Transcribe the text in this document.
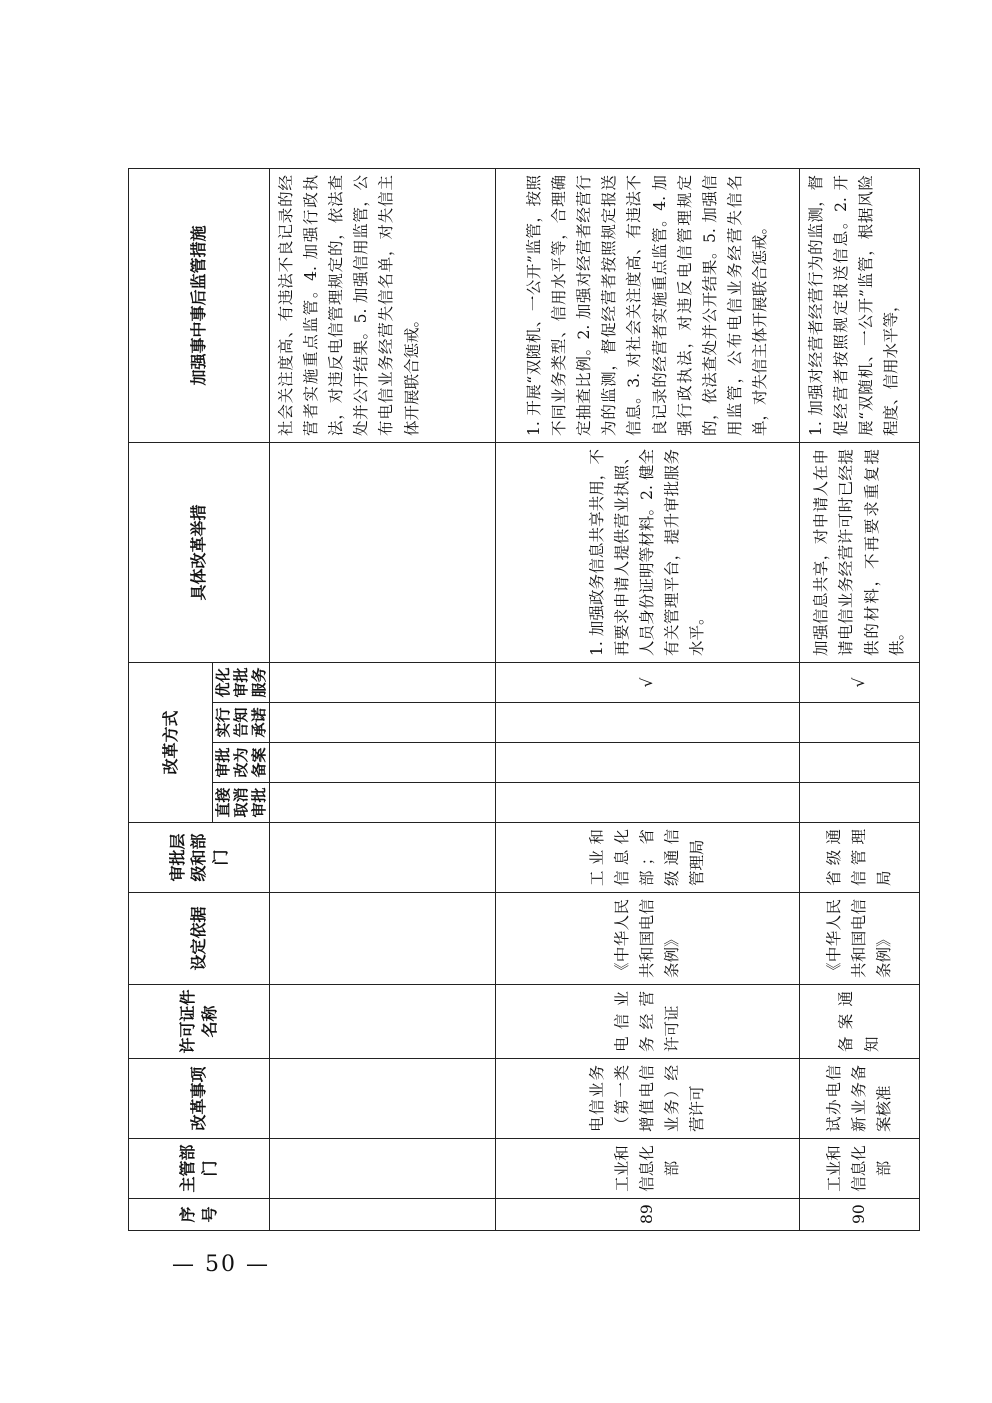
序号	主管部门	改革事项	许可证件名称	设定依据	审批层级和部门	改革方式				具体改革举措	加强事中事后监管措施
						直接取消审批	审批改为备案	实行告知承诺	优化审批服务		
											社会关注度高、有违法不良记录的经营者实施重点监管。4. 加强行政执法，对违反电信管理规定的，依法查处并公开结果。5. 加强信用监管，公布电信业务经营失信名单，对失信主体开展联合惩戒。
89	工业和信息化部	电信业务（第一类增值电信业务）经营许可	电信业务经营许可证	《中华人民共和国电信条例》	工业和信息化部；省级通信管理局				√	1. 加强政务信息共享共用，不再要求申请人提供营业执照、人员身份证明等材料。2. 健全有关管理平台，提升审批服务水平。	1. 开展“双随机、一公开”监管，按照不同业务类型、信用水平等，合理确定抽查比例。2. 加强对经营者经营行为的监测，督促经营者按照规定报送信息。3. 对社会关注度高、有违法不良记录的经营者实施重点监管。4. 加强行政执法，对违反电信管理规定的，依法查处并公开结果。5. 加强信用监管，公布电信业务经营失信名单，对失信主体开展联合惩戒。
90	工业和信息化部	试办电信新业务备案核准	备案通知	《中华人民共和国电信条例》	省级通信管理局				√	加强信息共享，对申请人在申请电信业务经营许可时已经提供的材料，不再要求重复提供。	1. 加强对经营者经营行为的监测，督促经营者按照规定报送信息。2. 开展“双随机、一公开”监管，根据风险程度、信用水平等，
— 50 —
